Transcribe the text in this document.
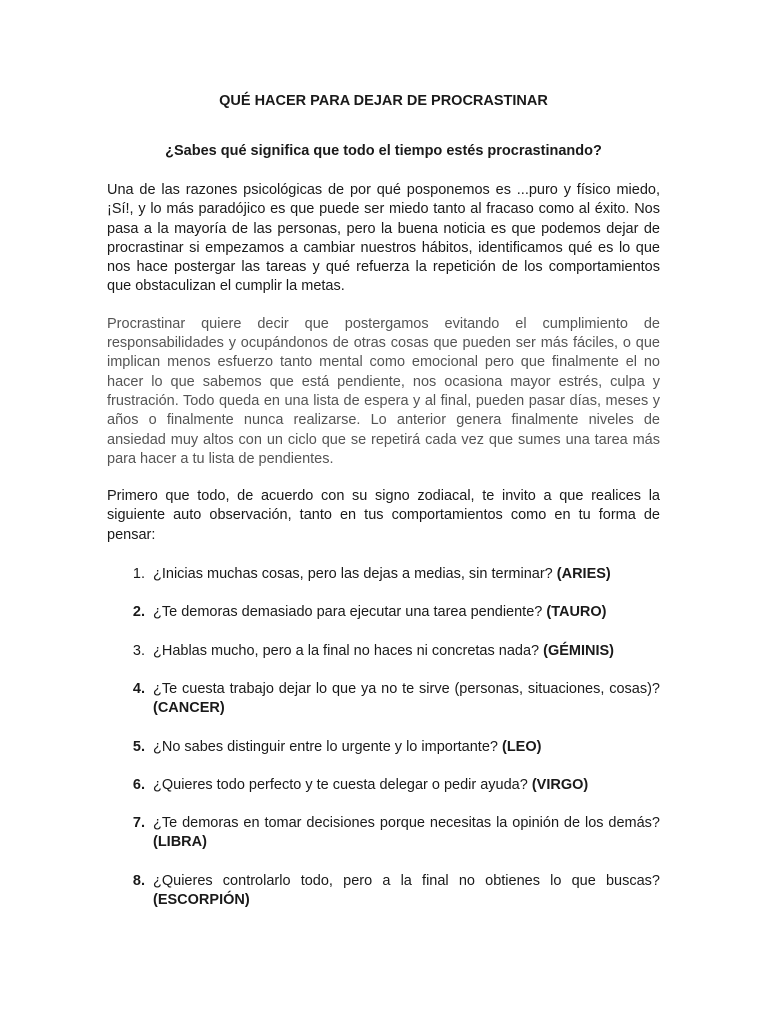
QUÉ HACER PARA DEJAR DE PROCRASTINAR
¿Sabes qué significa que todo el tiempo estés procrastinando?

Una de las razones psicológicas de por qué posponemos es ...puro y físico miedo, ¡Sí!, y lo más paradójico es que puede ser miedo tanto al fracaso como al éxito. Nos pasa a la mayoría de las personas, pero la buena noticia es que podemos dejar de procrastinar si empezamos a cambiar nuestros hábitos, identificamos qué es lo que nos hace postergar las tareas y qué refuerza la repetición de los comportamientos que obstaculizan el cumplir la metas.

Procrastinar quiere decir que postergamos evitando el cumplimiento de responsabilidades y ocupándonos de otras cosas que pueden ser más fáciles, o que implican menos esfuerzo tanto mental como emocional pero que finalmente el no hacer lo que sabemos que está pendiente, nos ocasiona mayor estrés, culpa y frustración. Todo queda en una lista de espera y al final, pueden pasar días, meses y años o finalmente nunca realizarse. Lo anterior genera finalmente niveles de ansiedad muy altos con un ciclo que se repetirá cada vez que sumes una tarea más para hacer a tu lista de pendientes.

Primero que todo, de acuerdo con su signo zodiacal, te invito a que realices la siguiente auto observación, tanto en tus comportamientos como en tu forma de pensar:

1. ¿Inicias muchas cosas, pero las dejas a medias, sin terminar? (ARIES)
2. ¿Te demoras demasiado para ejecutar una tarea pendiente? (TAURO)
3. ¿Hablas mucho, pero a la final no haces ni concretas nada? (GÉMINIS)
4. ¿Te cuesta trabajo dejar lo que ya no te sirve (personas, situaciones, cosas)? (CANCER)
5. ¿No sabes distinguir entre lo urgente y lo importante? (LEO)
6. ¿Quieres todo perfecto y te cuesta delegar o pedir ayuda? (VIRGO)
7. ¿Te demoras en tomar decisiones porque necesitas la opinión de los demás? (LIBRA)
8. ¿Quieres controlarlo todo, pero a la final no obtienes lo que buscas? (ESCORPIÓN)
